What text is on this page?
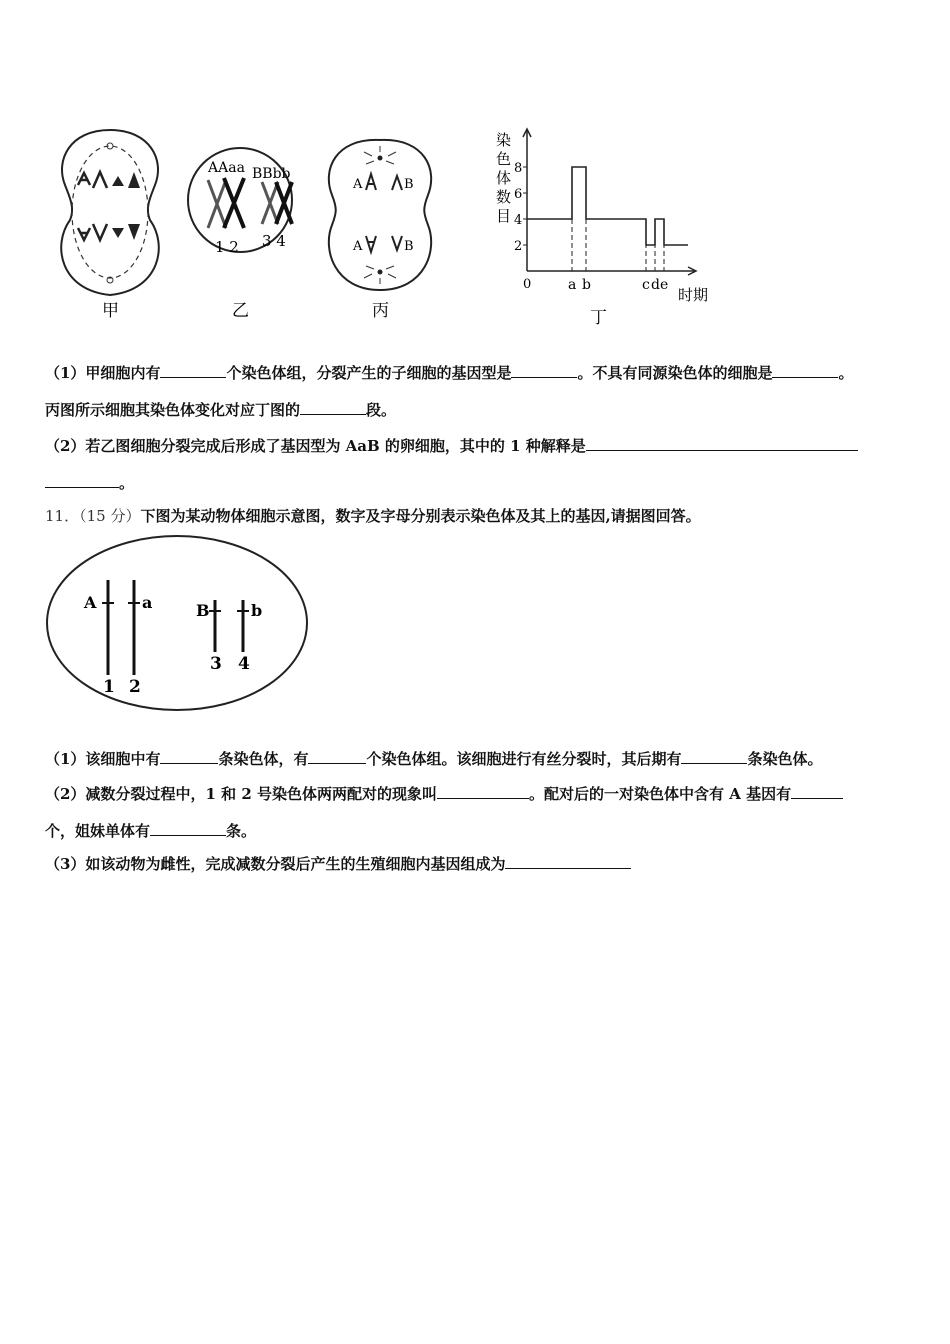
甲
AAaa BBbb
1 2 3 4
乙
A	B
A	B
丙
染
色
体
数
目
0
2
4
6
8
a b	c d e
时期
丁
（1）甲细胞内有	个染色体组，分裂产生的子细胞的基因型是	。不具有同源染色体的细胞是	。
丙图所示细胞其染色体变化对应丁图的	段。
（2）若乙图细胞分裂完成后形成了基因型为 AaB 的卵细胞，其中的 1 种解释是
。
11．（15 分）下图为某动物体细胞示意图，数字及字母分别表示染色体及其上的基因,请据图回答。
A	a	B	b
1 2
3 4
（1）该细胞中有	条染色体，有	个染色体组。该细胞进行有丝分裂时，其后期有	条染色体。
（2）减数分裂过程中，1 和 2 号染色体两两配对的现象叫	。配对后的一对染色体中含有 A 基因有
个，姐妹单体有	条。
（3）如该动物为雌性，完成减数分裂后产生的生殖细胞内基因组成为
